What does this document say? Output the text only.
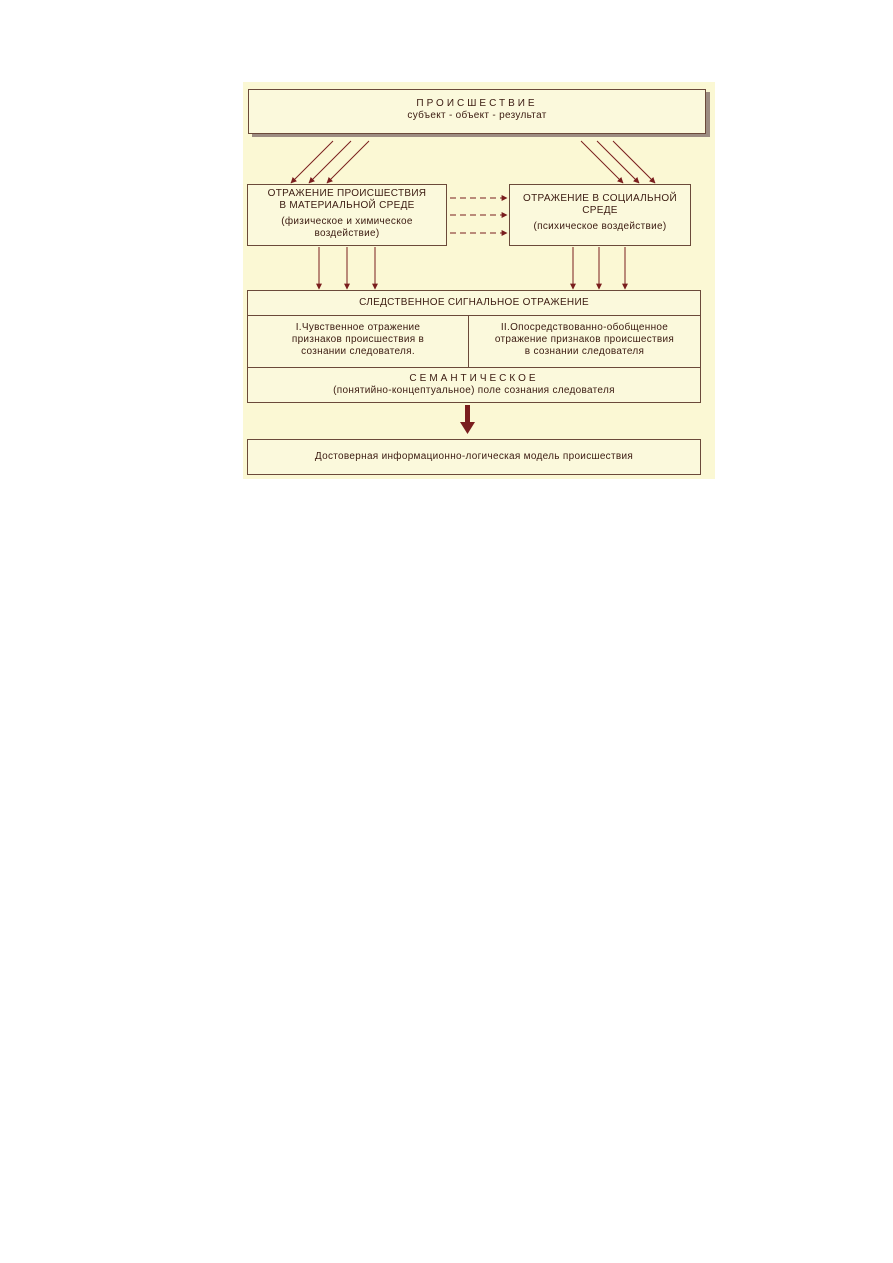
ПРОИСШЕСТВИЕ
субъект - объект - результат
ОТРАЖЕНИЕ ПРОИСШЕСТВИЯ
В МАТЕРИАЛЬНОЙ СРЕДЕ
(физическое и химическое
воздействие)
ОТРАЖЕНИЕ В СОЦИАЛЬНОЙ
СРЕДЕ
(психическое воздействие)
СЛЕДСТВЕННОЕ СИГНАЛЬНОЕ ОТРАЖЕНИЕ
I.Чувственное отражение
признаков происшествия в
сознании следователя.
II.Опосредствованно-обобщенное
отражение признаков происшествия
в сознании следователя
СЕМАНТИЧЕСКОЕ
(понятийно-концептуальное) поле сознания следователя
Достоверная информационно-логическая модель происшествия
